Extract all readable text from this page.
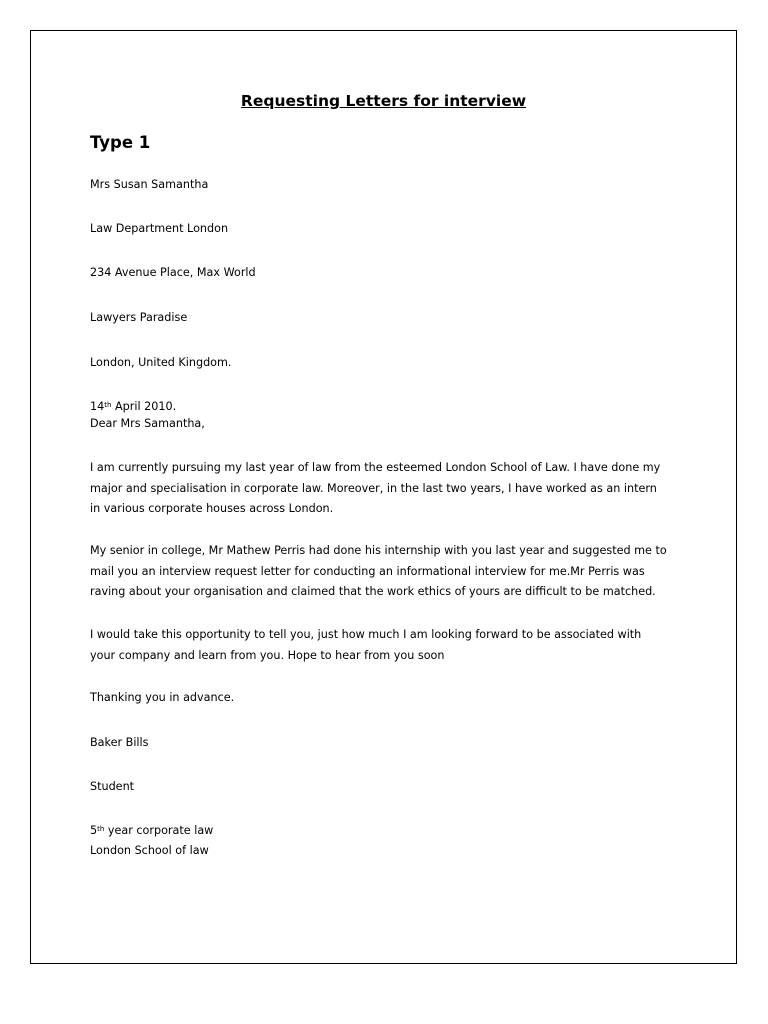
Requesting Letters for interview

Type 1

Mrs Susan Samantha

Law Department London

234 Avenue Place, Max World

Lawyers Paradise

London, United Kingdom.

14th April 2010.

Dear Mrs Samantha,

I am currently pursuing my last year of law from the esteemed London School of Law. I have done my
major and specialisation in corporate law. Moreover, in the last two years, I have worked as an intern
in various corporate houses across London.
My senior in college, Mr Mathew Perris had done his internship with you last year and suggested me to
mail you an interview request letter for conducting an informational interview for me.Mr Perris was
raving about your organisation and claimed that the work ethics of yours are difficult to be matched.
I would take this opportunity to tell you, just how much I am looking forward to be associated with
your company and learn from you. Hope to hear from you soon

Thanking you in advance.

Baker Bills

Student

5th year corporate law

London School of law
